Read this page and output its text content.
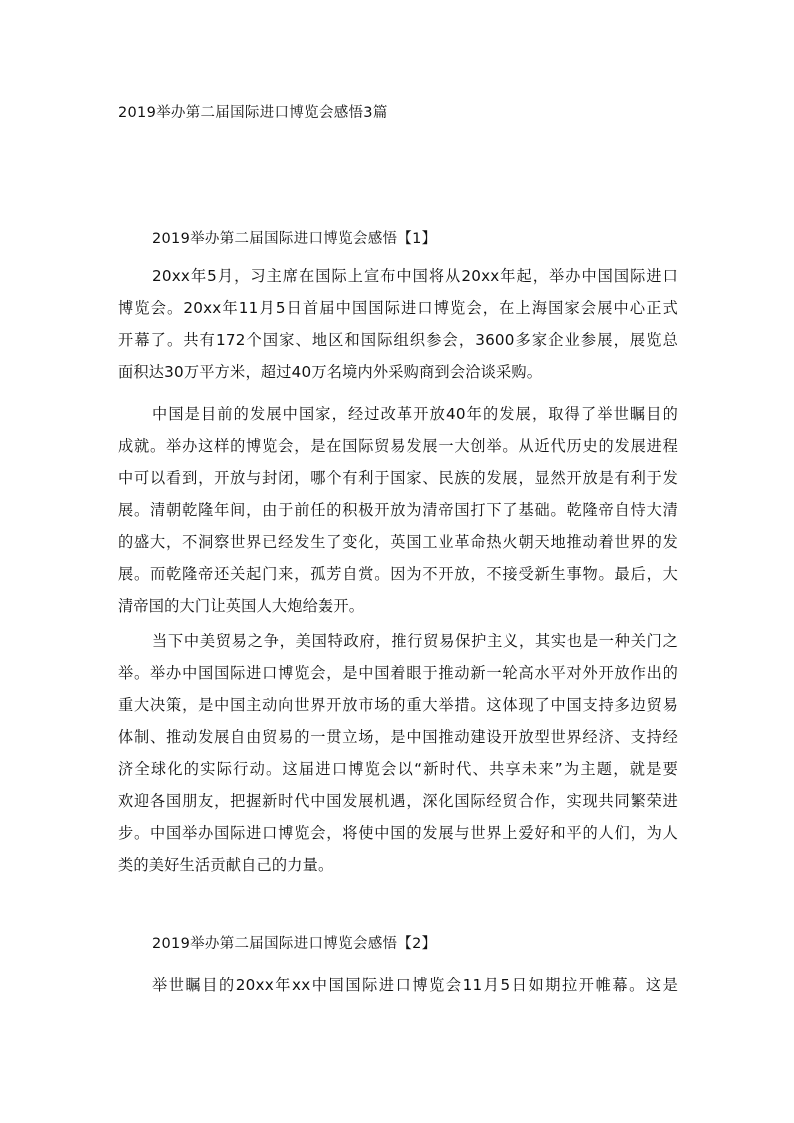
2019举办第二届国际进口博览会感悟3篇
2019举办第二届国际进口博览会感悟【1】
20xx年5月，习主席在国际上宣布中国将从20xx年起，举办中国国际进口
博览会。20xx年11月5日首届中国国际进口博览会，在上海国家会展中心正式
开幕了。共有172个国家、地区和国际组织参会，3600多家企业参展，展览总
面积达30万平方米，超过40万名境内外采购商到会洽谈采购。
中国是目前的发展中国家，经过改革开放40年的发展，取得了举世瞩目的
成就。举办这样的博览会，是在国际贸易发展一大创举。从近代历史的发展进程
中可以看到，开放与封闭，哪个有利于国家、民族的发展，显然开放是有利于发
展。清朝乾隆年间，由于前任的积极开放为清帝国打下了基础。乾隆帝自恃大清
的盛大，不洞察世界已经发生了变化，英国工业革命热火朝天地推动着世界的发
展。而乾隆帝还关起门来，孤芳自赏。因为不开放，不接受新生事物。最后，大
清帝国的大门让英国人大炮给轰开。
当下中美贸易之争，美国特政府，推行贸易保护主义，其实也是一种关门之
举。举办中国国际进口博览会，是中国着眼于推动新一轮高水平对外开放作出的
重大决策，是中国主动向世界开放市场的重大举措。这体现了中国支持多边贸易
体制、推动发展自由贸易的一贯立场，是中国推动建设开放型世界经济、支持经
济全球化的实际行动。这届进口博览会以“新时代、共享未来”为主题，就是要
欢迎各国朋友，把握新时代中国发展机遇，深化国际经贸合作，实现共同繁荣进
步。中国举办国际进口博览会，将使中国的发展与世界上爱好和平的人们，为人
类的美好生活贡献自己的力量。
2019举办第二届国际进口博览会感悟【2】
举世瞩目的20xx年xx中国国际进口博览会11月5日如期拉开帷幕。这是
